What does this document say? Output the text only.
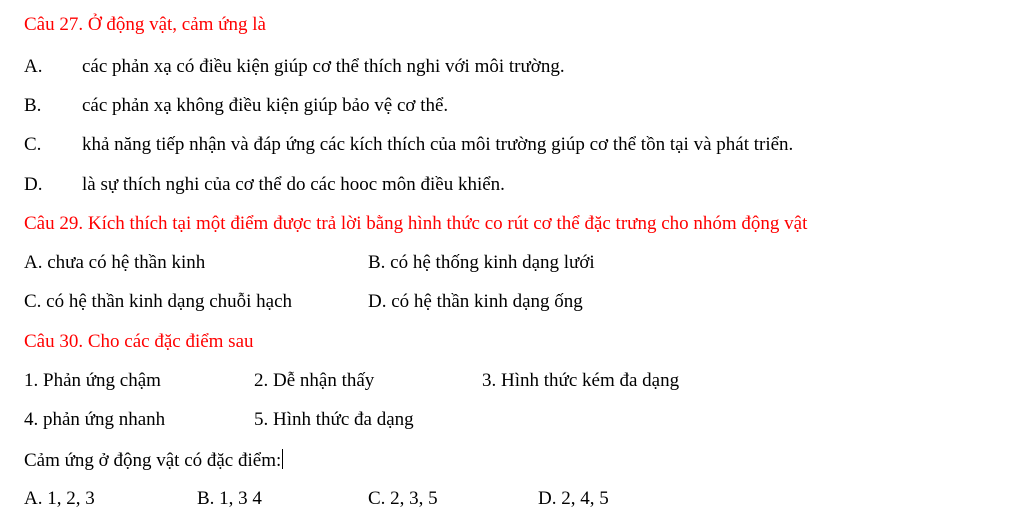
Câu 27. Ở động vật, cảm ứng là
A. các phản xạ có điều kiện giúp cơ thể thích nghi với môi trường.
B. các phản xạ không điều kiện giúp bảo vệ cơ thể.
C. khả năng tiếp nhận và đáp ứng các kích thích của môi trường giúp cơ thể tồn tại và phát triển.
D. là sự thích nghi của cơ thể do các hooc môn điều khiển.
Câu 29. Kích thích tại một điểm được trả lời bằng hình thức co rút cơ thể đặc trưng cho nhóm động vật
A. chưa có hệ thần kinh	B. có hệ thống kinh dạng lưới
C. có hệ thần kinh dạng chuỗi hạch	D. có hệ thần kinh dạng ống
Câu 30. Cho các đặc điểm sau
1. Phản ứng chậm	2. Dễ nhận thấy	3. Hình thức kém đa dạng
4. phản ứng nhanh	5. Hình thức đa dạng
Cảm ứng ở động vật có đặc điểm:
A. 1, 2, 3	B. 1, 3 4	C. 2, 3, 5	D. 2, 4, 5
